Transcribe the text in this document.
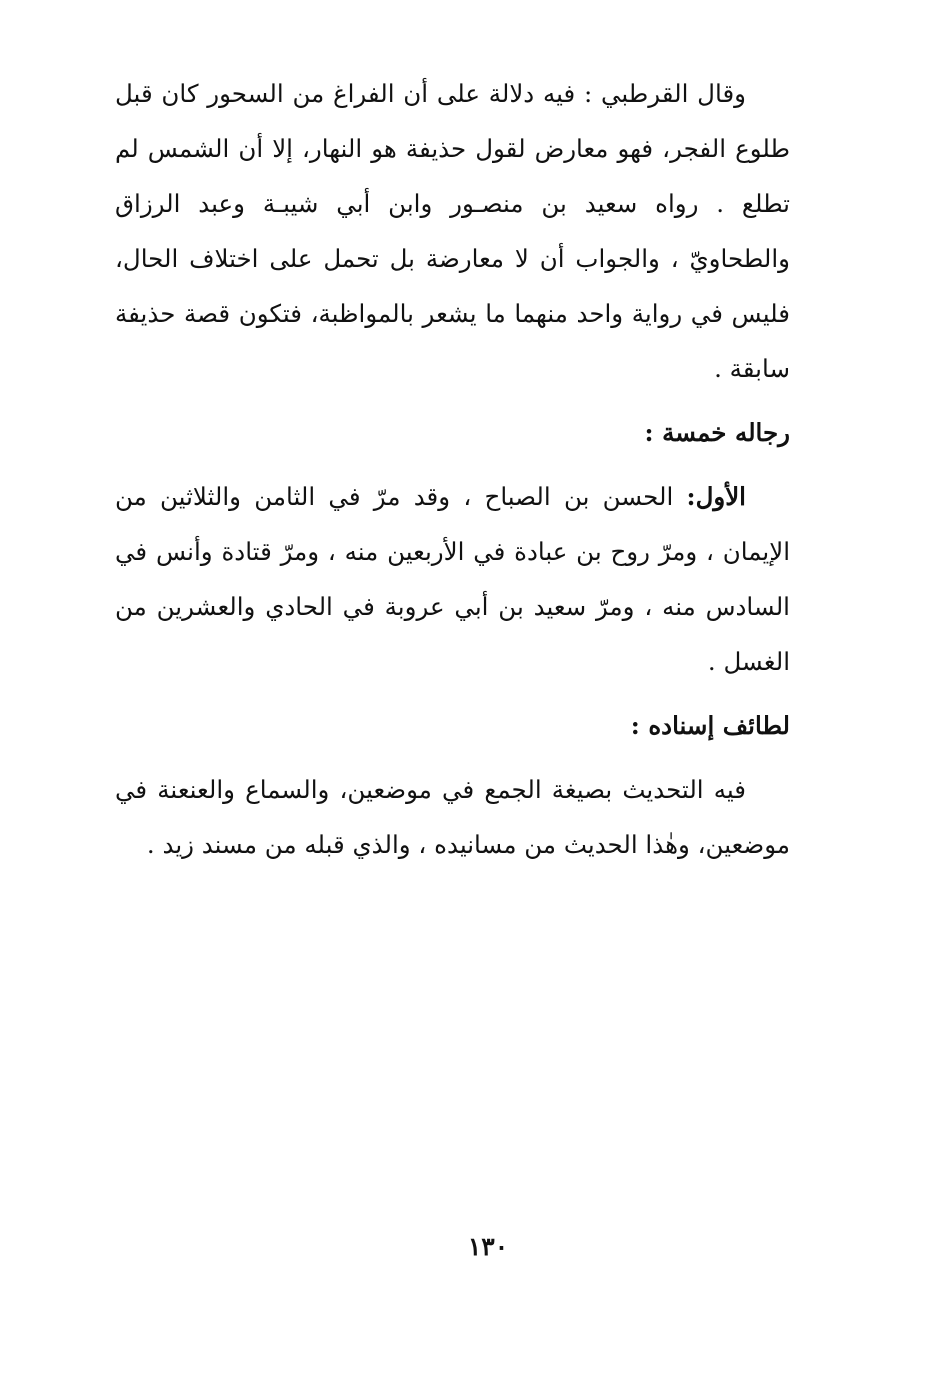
وقال القرطبي : فيه دلالة على أن الفراغ من السحور كان قبل طلوع الفجر، فهو معارض لقول حذيفة هو النهار، إلا أن الشمس لم تطلع . رواه سعيد بن منصـور وابن أبي شيبـة وعبد الرزاق والطحاويّ ، والجواب أن لا معارضة بل تحمل على اختلاف الحال، فليس في رواية واحد منهما ما يشعر بالمواظبة، فتكون قصة حذيفة سابقة .

رجاله خمسة :

الأول: الحسن بن الصباح ، وقد مرّ في الثامن والثلاثين من الإيمان ، ومرّ روح بن عبادة في الأربعين منه ، ومرّ قتادة وأنس في السادس منه ، ومرّ سعيد بن أبي عروبة في الحادي والعشرين من الغسل .

لطائف إسناده :

فيه التحديث بصيغة الجمع في موضعين، والسماع والعنعنة في موضعين، وهٰذا الحديث من مسانيده ، والذي قبله من مسند زيد .

١٣٠
